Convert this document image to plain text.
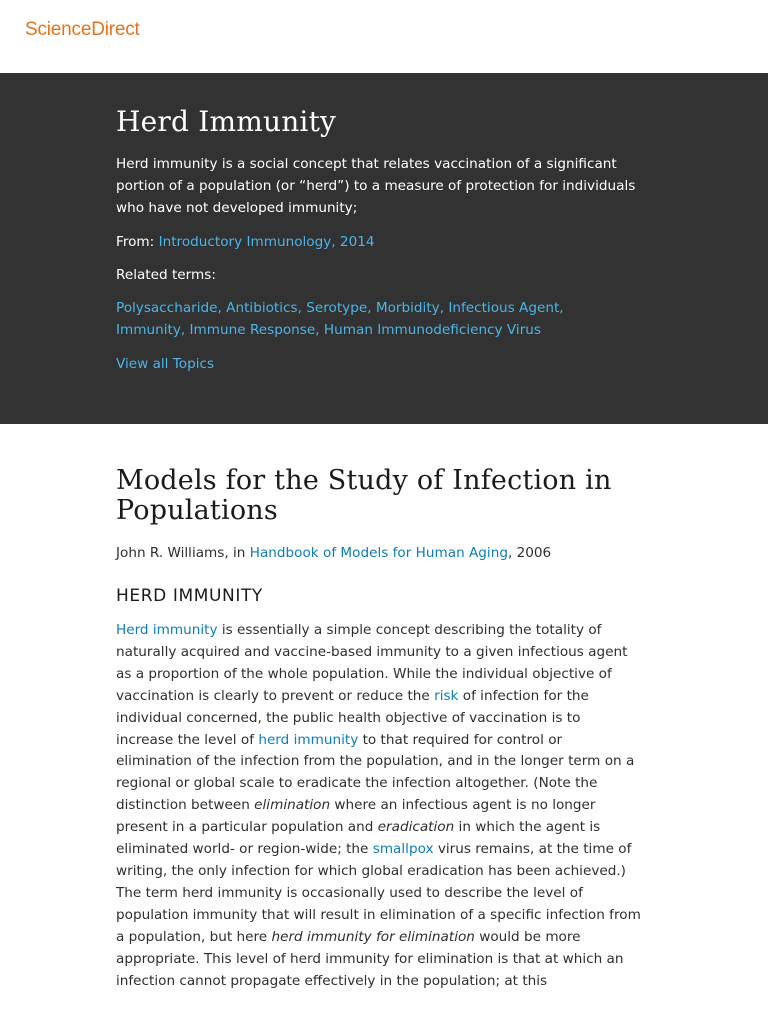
ScienceDirect
Herd Immunity

Herd immunity is a social concept that relates vaccination of a significant portion of a population (or “herd”) to a measure of protection for individuals who have not developed immunity;

From: Introductory Immunology, 2014

Related terms:

Polysaccharide, Antibiotics, Serotype, Morbidity, Infectious Agent, Immunity, Immune Response, Human Immunodeficiency Virus

View all Topics
Models for the Study of Infection in Populations

John R. Williams, in Handbook of Models for Human Aging, 2006

HERD IMMUNITY

Herd immunity is essentially a simple concept describing the totality of naturally acquired and vaccine-based immunity to a given infectious agent as a proportion of the whole population. While the individual objective of vaccination is clearly to prevent or reduce the risk of infection for the individual concerned, the public health objective of vaccination is to increase the level of herd immunity to that required for control or elimination of the infection from the population, and in the longer term on a regional or global scale to eradicate the infection altogether. (Note the distinction between elimination where an infectious agent is no longer present in a particular population and eradication in which the agent is eliminated world- or region-wide; the smallpox virus remains, at the time of writing, the only infection for which global eradication has been achieved.) The term herd immunity is occasionally used to describe the level of population immunity that will result in elimination of a specific infection from a population, but here herd immunity for elimination would be more appropriate. This level of herd immunity for elimination is that at which an infection cannot propagate effectively in the population; at this
